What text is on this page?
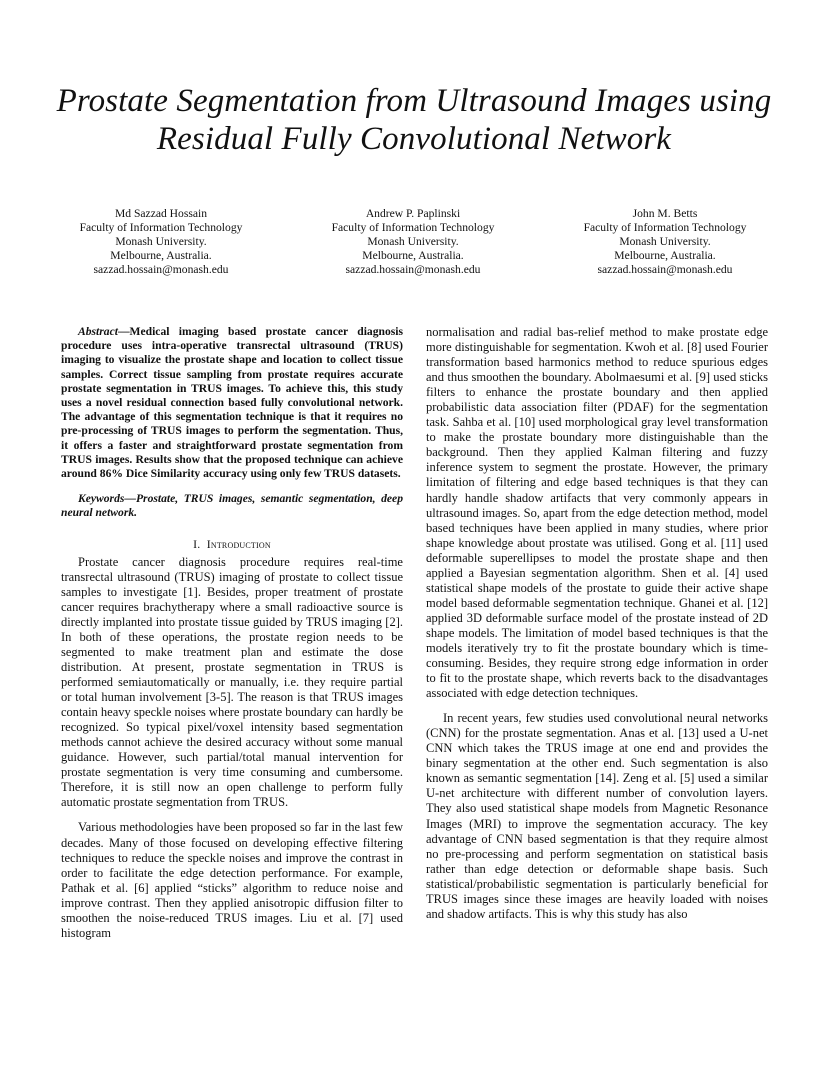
Prostate Segmentation from Ultrasound Images using Residual Fully Convolutional Network
Md Sazzad Hossain
Faculty of Information Technology
Monash University.
Melbourne, Australia.
sazzad.hossain@monash.edu
Andrew P. Paplinski
Faculty of Information Technology
Monash University.
Melbourne, Australia.
sazzad.hossain@monash.edu
John M. Betts
Faculty of Information Technology
Monash University.
Melbourne, Australia.
sazzad.hossain@monash.edu

Abstract—Medical imaging based prostate cancer diagnosis procedure uses intra-operative transrectal ultrasound (TRUS) imaging to visualize the prostate shape and location to collect tissue samples. Correct tissue sampling from prostate requires accurate prostate segmentation in TRUS images. To achieve this, this study uses a novel residual connection based fully convolutional network. The advantage of this segmentation technique is that it requires no pre-processing of TRUS images to perform the segmentation. Thus, it offers a faster and straightforward prostate segmentation from TRUS images. Results show that the proposed technique can achieve around 86% Dice Similarity accuracy using only few TRUS datasets.

Keywords—Prostate, TRUS images, semantic segmentation, deep neural network.

I. Introduction

Prostate cancer diagnosis procedure requires real-time transrectal ultrasound (TRUS) imaging of prostate to collect tissue samples to investigate [1]. Besides, proper treatment of prostate cancer requires brachytherapy where a small radioactive source is directly implanted into prostate tissue guided by TRUS imaging [2]. In both of these operations, the prostate region needs to be segmented to make treatment plan and estimate the dose distribution. At present, prostate segmentation in TRUS is performed semiautomatically or manually, i.e. they require partial or total human involvement [3-5]. The reason is that TRUS images contain heavy speckle noises where prostate boundary can hardly be recognized. So typical pixel/voxel intensity based segmentation methods cannot achieve the desired accuracy without some manual guidance. However, such partial/total manual intervention for prostate segmentation is very time consuming and cumbersome. Therefore, it is still now an open challenge to perform fully automatic prostate segmentation from TRUS.

Various methodologies have been proposed so far in the last few decades. Many of those focused on developing effective filtering techniques to reduce the speckle noises and improve the contrast in order to facilitate the edge detection performance. For example, Pathak et al. [6] applied “sticks” algorithm to reduce noise and improve contrast. Then they applied anisotropic diffusion filter to smoothen the noise-reduced TRUS images. Liu et al. [7] used histogram

normalisation and radial bas-relief method to make prostate edge more distinguishable for segmentation. Kwoh et al. [8] used Fourier transformation based harmonics method to reduce spurious edges and thus smoothen the boundary. Abolmaesumi et al. [9] used sticks filters to enhance the prostate boundary and then applied probabilistic data association filter (PDAF) for the segmentation task. Sahba et al. [10] used morphological gray level transformation to make the prostate boundary more distinguishable than the background. Then they applied Kalman filtering and fuzzy inference system to segment the prostate. However, the primary limitation of filtering and edge based techniques is that they can hardly handle shadow artifacts that very commonly appears in ultrasound images. So, apart from the edge detection method, model based techniques have been applied in many studies, where prior shape knowledge about prostate was utilised. Gong et al. [11] used deformable superellipses to model the prostate shape and then applied a Bayesian segmentation algorithm. Shen et al. [4] used statistical shape models of the prostate to guide their active shape model based deformable segmentation technique. Ghanei et al. [12] applied 3D deformable surface model of the prostate instead of 2D shape models. The limitation of model based techniques is that the models iteratively try to fit the prostate boundary which is time-consuming. Besides, they require strong edge information in order to fit to the prostate shape, which reverts back to the disadvantages associated with edge detection techniques.

In recent years, few studies used convolutional neural networks (CNN) for the prostate segmentation. Anas et al. [13] used a U-net CNN which takes the TRUS image at one end and provides the binary segmentation at the other end. Such segmentation is also known as semantic segmentation [14]. Zeng et al. [5] used a similar U-net architecture with different number of convolution layers. They also used statistical shape models from Magnetic Resonance Images (MRI) to improve the segmentation accuracy. The key advantage of CNN based segmentation is that they require almost no pre-processing and perform segmentation on statistical basis rather than edge detection or deformable shape basis. Such statistical/probabilistic segmentation is particularly beneficial for TRUS images since these images are heavily loaded with noises and shadow artifacts. This is why this study has also
